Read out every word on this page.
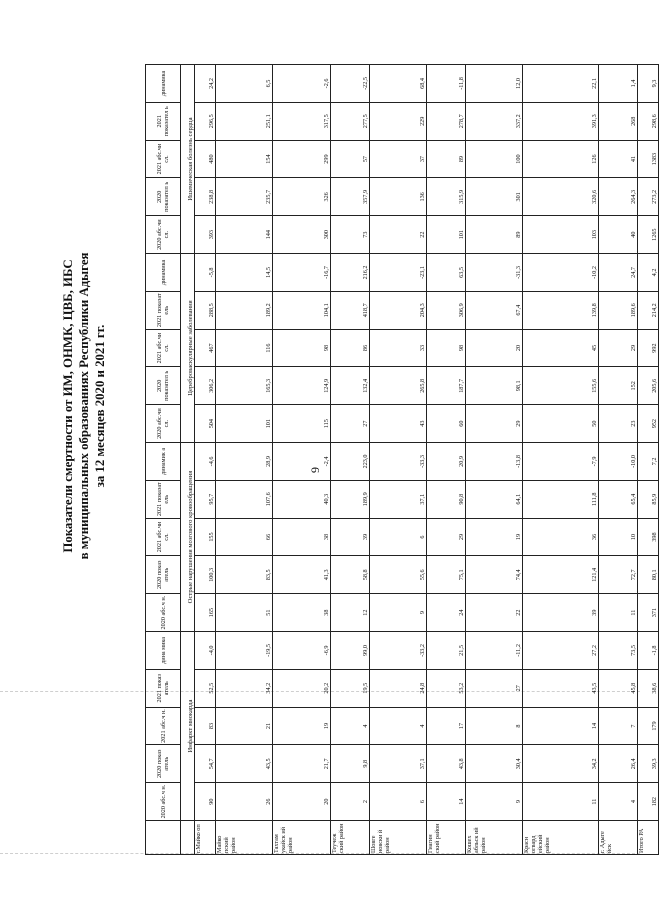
9
Показатели смертности от ИМ, ОНМК, ЦВБ, ИБС в муниципальных образованиях Республики Адыгея за 12 месяцев 2020 и 2021 гг.
	2020 абс.ч н.	2020 показ атель	2021 абс.ч н.	2021 показ атель	дина мика	2020 абс.ч н.	2020 показ атель	2021 абс.чи сл.	2021 показат ель	динамик а	2020 абс.чи сл.	2020 показател ь	2021 абс.чи сл.	2021 показат ель	динамика	2020 абс.чи сл.	2020 показател ь	2021 абс.чи сл.	2021 показател ь	динамика
	Инфаркт миокарда					Острые нарушения мозгового кровообращения					Цереброваскулярные заболевания					Ишемическая болезнь сердца				
г.Майко оп	90	54,7	83	52,5	-4,0	165	100,3	155	95,7	-4,6	504	306,2	467	288,5	-5,8	393	238,8	480	296,5	24,2
Майко пский район	26	43,5	21	34,2	-19,5	51	83,5	66	107,6	28,9	101	165,3	116	189,2	14,5	144	235,7	154	251,1	6,5
Тахтам укайск ий район	20	21,7	19	20,2	-6,9	38	41,3	38	40,3	-2,4	115	124,9	98	104,1	-16,7	300	326	299	317,5	-2,6
Теучеж ский район	2	9,8	4	19,5	99,0	12	58,8	39	189,9	223,0	27	132,4	86	418,7	216,2	73	357,9	57	277,5	-22,5
Шовге новски й район	6	37,1	4	24,8	-33,2	9	55,6	6	37,1	-33,3	43	265,8	33	204,3	-23,1	22	136	37	229	68,4
Гиагин ский район	14	43,8	17	53,2	21,5	24	75,1	29	90,8	20,9	60	187,7	98	306,9	63,5	101	315,9	89	278,7	-11,8
Кошех абльск ий район	9	30,4	8	27	-11,2	22	74,4	19	64,1	-13,8	29	98,1	20	67,4	-31,3	89	301	100	337,2	12,0
Красн огвард ейский район	11	34,2	14	43,5	27,2	39	121,4	36	111,8	-7,9	50	155,6	45	139,8	-10,2	103	320,6	126	391,3	22,1
г. Адыге йск	4	26,4	7	45,8	73,5	11	72,7	10	65,4	-10,0	23	152	29	189,6	24,7	40	264,3	41	268	1,4
Итого РА	182	39,3	179	38,6	-1,8	371	80,1	398	85,9	7,2	952	205,6	992	214,2	4,2	1265	273,2	1383	298,6	9,3
